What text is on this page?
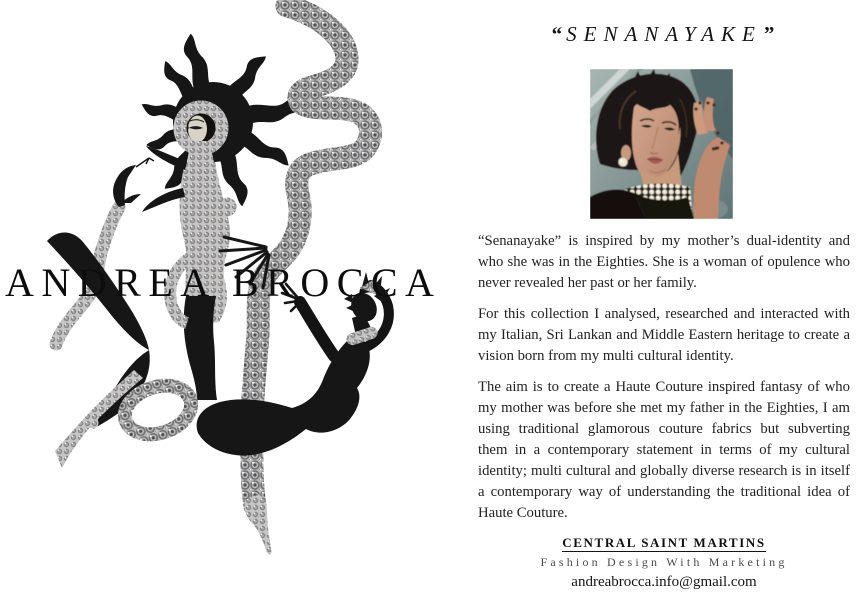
ANDREA BROCCA
“SENANAYAKE”

“Senanayake” is inspired by my mother’s dual-identity and who she was in the Eighties. She is a woman of opulence who never revealed her past or her family.

For this collection I analysed, researched and interacted with my Italian, Sri Lankan and Middle Eastern heritage to create a vision born from my multi cultural identity.

The aim is to create a Haute Couture inspired fantasy of who my mother was before she met my father in the Eighties, I am using traditional glamorous couture fabrics but subverting them in a contemporary statement in terms of my cultural identity; multi cultural and globally diverse research is in itself a contemporary way of understanding the traditional idea of Haute Couture.

CENTRAL SAINT MARTINS
Fashion Design With Marketing
andreabrocca.info@gmail.com
